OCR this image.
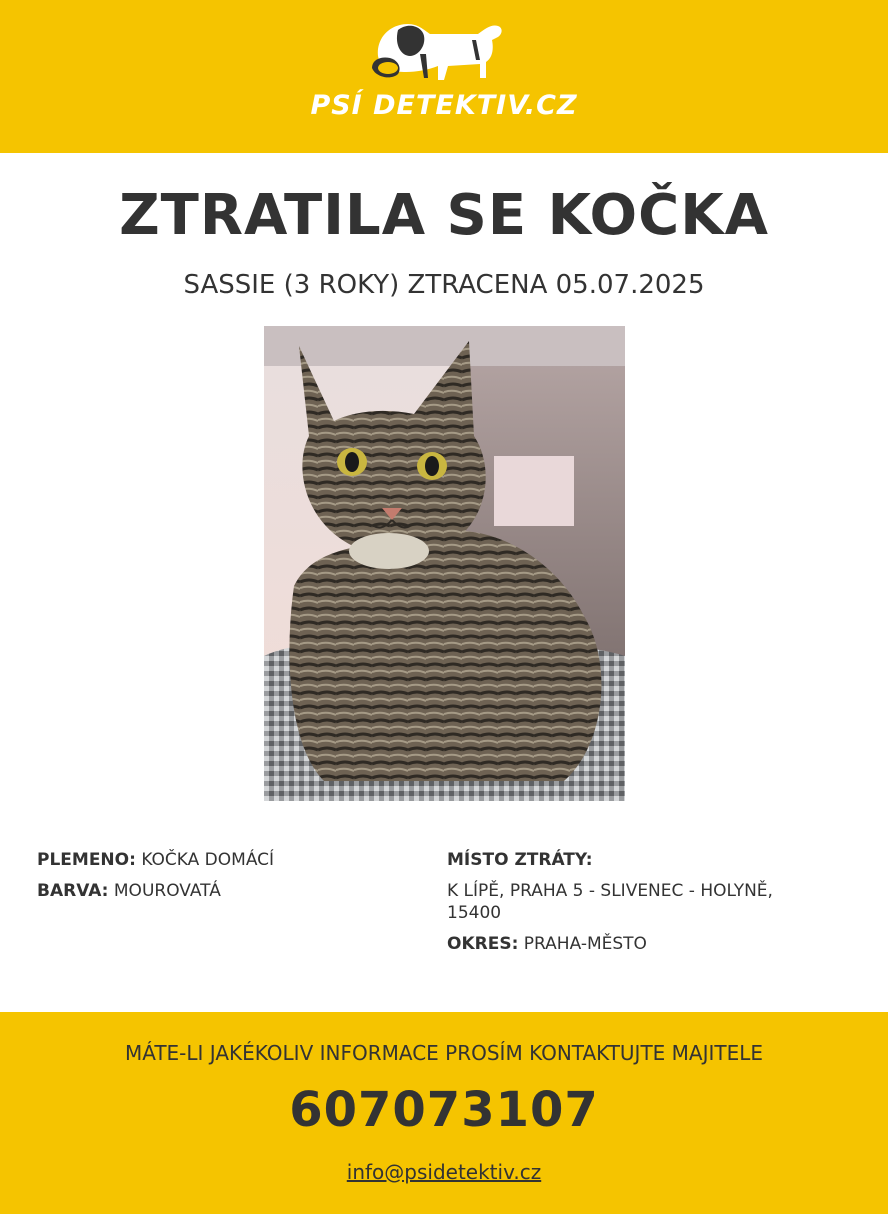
PSÍ DETEKTIV.CZ
ZTRATILA SE KOČKA
SASSIE (3 ROKY) ZTRACENA 05.07.2025
PLEMENO: KOČKA DOMÁCÍ
BARVA: MOUROVATÁ
MÍSTO ZTRÁTY:
K LÍPĚ, PRAHA 5 - SLIVENEC - HOLYNĚ, 15400
OKRES: PRAHA-MĚSTO
MÁTE-LI JAKÉKOLIV INFORMACE PROSÍM KONTAKTUJTE MAJITELE
607073107
info@psidetektiv.cz
